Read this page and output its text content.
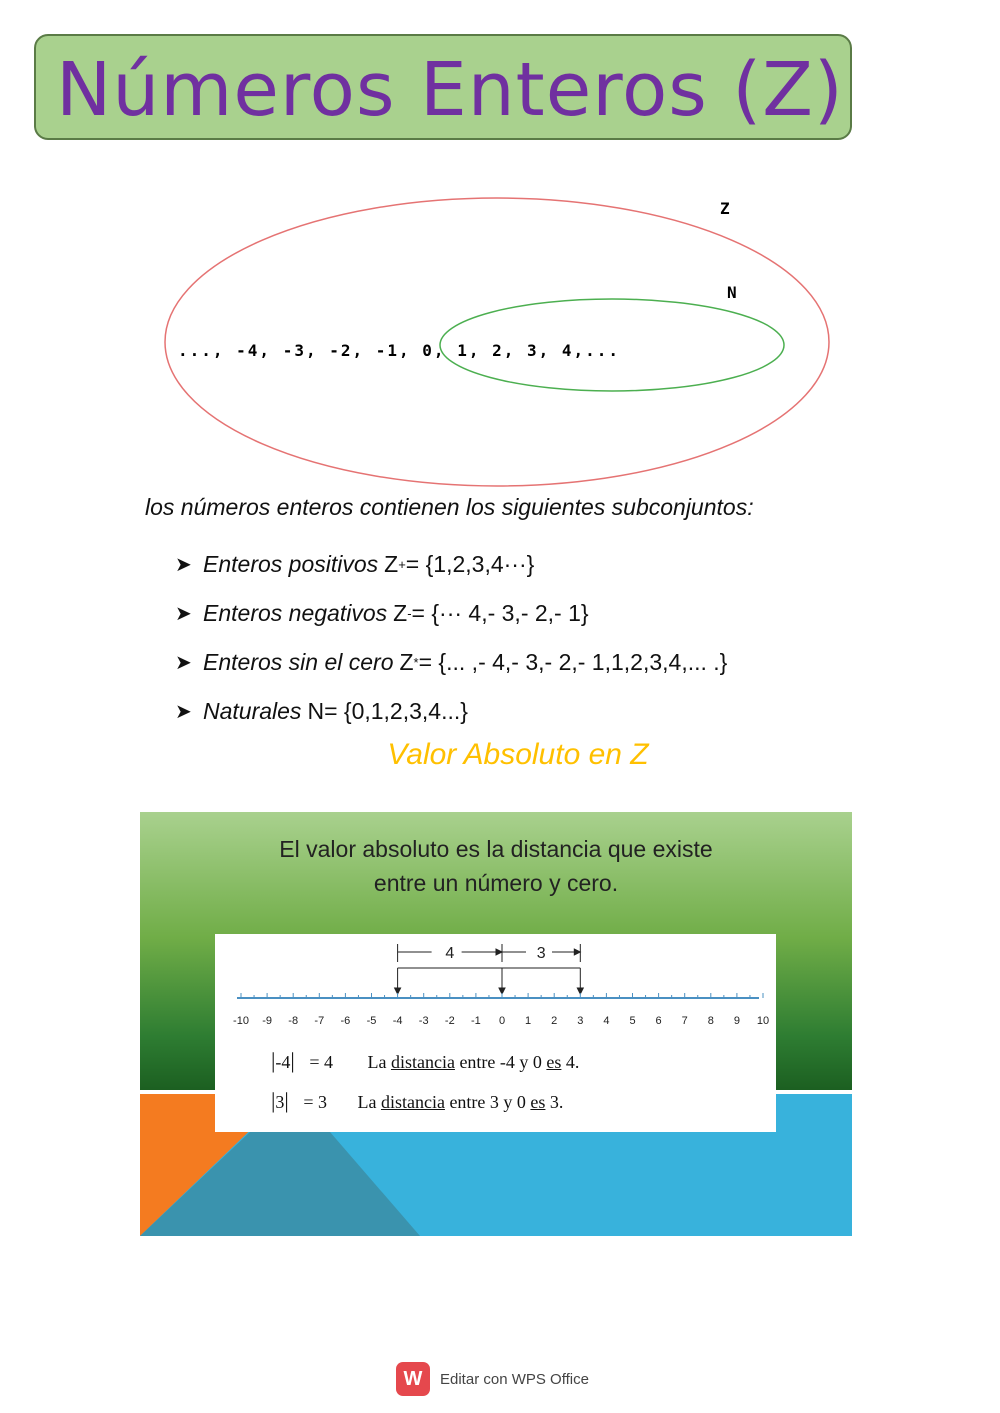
Números Enteros (Z)
Z
N
..., -4, -3, -2, -1, 0, 1, 2, 3, 4,...
los números enteros contienen los siguientes subconjuntos:
➤ Enteros positivos Z + = {1,2,3,4···}
➤ Enteros negativos Z - = {··· 4,- 3,- 2,- 1}
➤ Enteros sin el cero Z * = {... ,- 4,- 3,- 2,- 1,1,2,3,4,... .}
➤ Naturales N = {0,1,2,3,4...}
Valor Absoluto en Z
El valor absoluto es la distancia que existe
entre un número y cero.
4	3
-10 -9 -8 -7 -6 -5 -4 -3 -2 -1 0 1 2 3 4 5 6 7 8 9 10
|-4| = 4 La distancia entre -4 y 0 es 4.
|3| = 3 La distancia entre 3 y 0 es 3.
W	Editar con WPS Office
